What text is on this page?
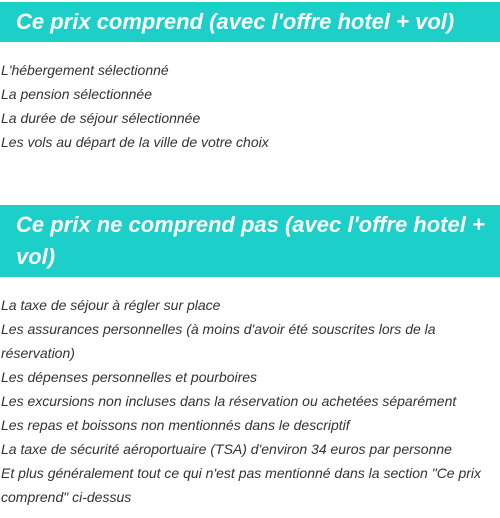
Ce prix comprend (avec l'offre hotel + vol)
L'hébergement sélectionné
La pension sélectionnée
La durée de séjour sélectionnée
Les vols au départ de la ville de votre choix
Ce prix ne comprend pas (avec l'offre hotel + vol)
La taxe de séjour à régler sur place
Les assurances personnelles (à moins d'avoir été souscrites lors de la réservation)
Les dépenses personnelles et pourboires
Les excursions non incluses dans la réservation ou achetées séparément
Les repas et boissons non mentionnés dans le descriptif
La taxe de sécurité aéroportuaire (TSA) d'environ 34 euros par personne
Et plus généralement tout ce qui n'est pas mentionné dans la section "Ce prix comprend" ci-dessus
